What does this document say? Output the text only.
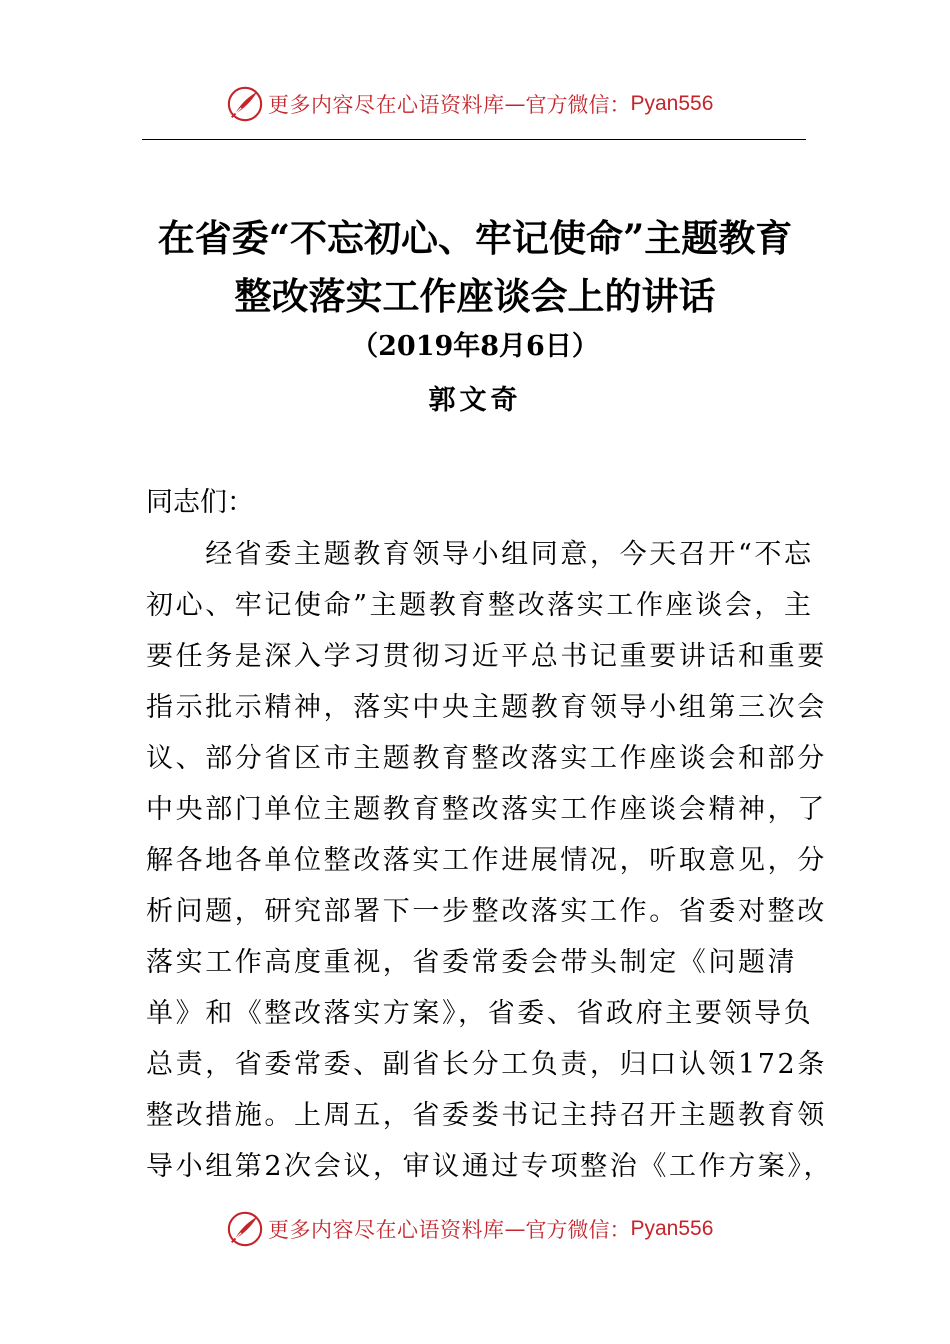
更多内容尽在心语资料库 — 官方微信： Pyan556
在省委“不忘初心、牢记使命”主题教育
整改落实工作座谈会上的讲话
（2019年8月6日）
郭文奇
同志们：
　　经省委主题教育领导小组同意，今天召开“不忘
初心、牢记使命”主题教育整改落实工作座谈会，主
要任务是深入学习贯彻习近平总书记重要讲话和重要
指示批示精神，落实中央主题教育领导小组第三次会
议、部分省区市主题教育整改落实工作座谈会和部分
中央部门单位主题教育整改落实工作座谈会精神，了
解各地各单位整改落实工作进展情况，听取意见，分
析问题，研究部署下一步整改落实工作。省委对整改
落实工作高度重视，省委常委会带头制定《问题清
单》和《整改落实方案》，省委、省政府主要领导负
总责，省委常委、副省长分工负责，归口认领172条
整改措施。上周五，省委娄书记主持召开主题教育领
导小组第2次会议，审议通过专项整治《工作方案》，
更多内容尽在心语资料库 — 官方微信： Pyan556
